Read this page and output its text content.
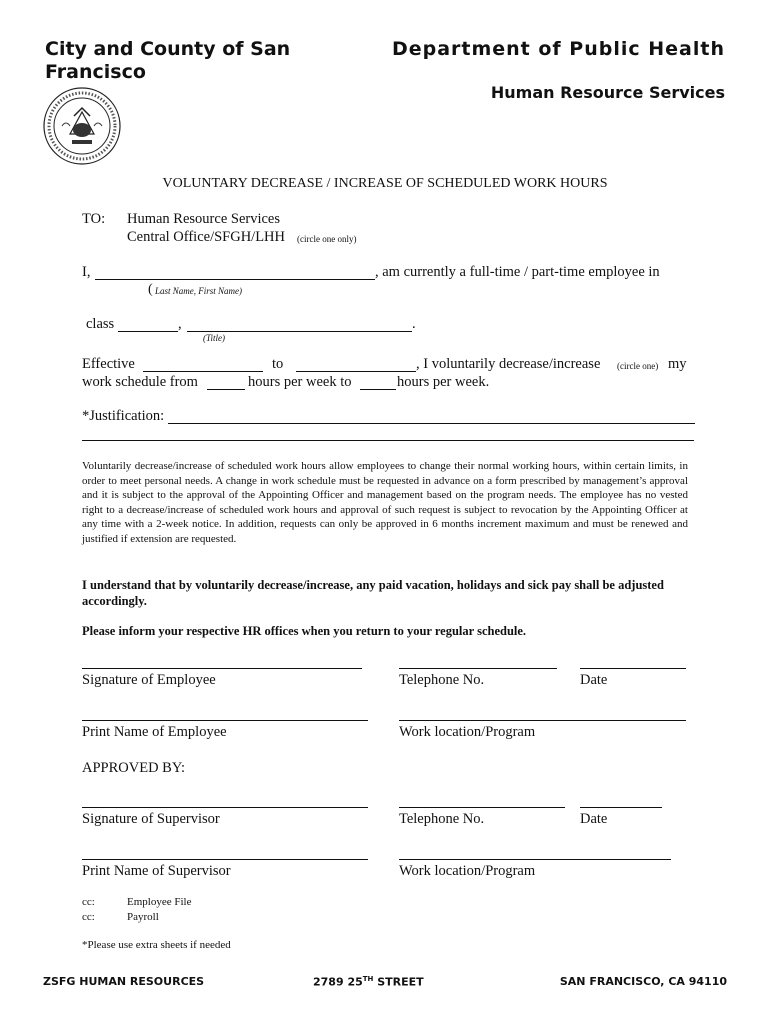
City and County of San Francisco
Department of Public Health
Human Resource Services
VOLUNTARY DECREASE / INCREASE OF SCHEDULED WORK HOURS
TO: Human Resource Services
Central Office/SFGH/LHH (circle one only)
I,	, am currently a full-time / part-time employee in
( Last Name, First Name)
class	,	.
(Title)
Effective	to	, I voluntarily decrease/increase (circle one) my
work schedule from	hours per week to	hours per week.
*Justification:
Voluntarily decrease/increase of scheduled work hours allow employees to change their normal working hours, within certain limits, in order to meet personal needs. A change in work schedule must be requested in advance on a form prescribed by management’s approval and it is subject to the approval of the Appointing Officer and management based on the program needs. The employee has no vested right to a decrease/increase of scheduled work hours and approval of such request is subject to revocation by the Appointing Officer at any time with a 2-week notice. In addition, requests can only be approved in 6 months increment maximum and must be renewed and justified if extension are requested.
I understand that by voluntarily decrease/increase, any paid vacation, holidays and sick pay shall be adjusted accordingly.
Please inform your respective HR offices when you return to your regular schedule.
Signature of Employee	Telephone No.	Date
Print Name of Employee	Work location/Program
APPROVED BY:
Signature of Supervisor	Telephone No.	Date
Print Name of Supervisor	Work location/Program
cc:	Employee File
cc:	Payroll
*Please use extra sheets if needed
ZSFG HUMAN RESOURCES	2789 25TH STREET	SAN FRANCISCO, CA 94110
